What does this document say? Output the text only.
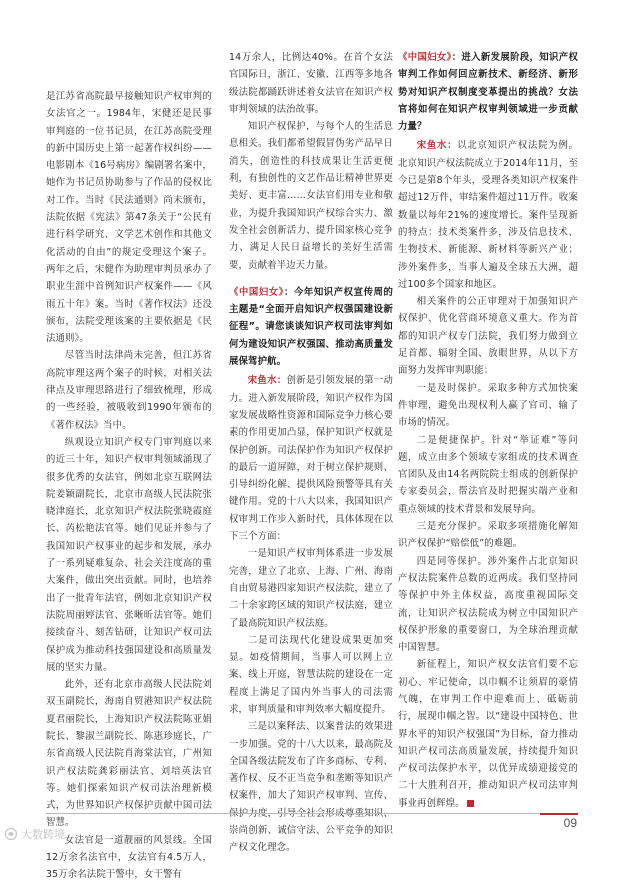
是江苏省高院最早接触知识产权审判的女法官之一。1984年，宋健还是民事审判庭的一位书记员，在江苏高院受理的新中国历史上第一起著作权纠纷——电影剧本《16号病房》编剧署名案中，她作为书记员协助参与了作品的侵权比对工作。当时《民法通则》尚未颁布，法院依据《宪法》第47条关于“公民有进行科学研究、文学艺术创作和其他文化活动的自由”的规定受理这个案子。两年之后，宋健作为助理审判员承办了职业生涯中首例知识产权案件——《风雨五十年》案。当时《著作权法》还没颁布，法院受理该案的主要依据是《民法通则》。

尽管当时法律尚未完善，但江苏省高院审理这两个案子的时候，对相关法律点及审理思路进行了细致梳理，形成的一些经验，被吸收到1990年颁布的《著作权法》当中。

纵观设立知识产权专门审判庭以来的近三十年，知识产权审判领域涌现了很多优秀的女法官，例如北京互联网法院姜颖副院长，北京市高级人民法院张晓津庭长，北京知识产权法院张晓霞庭长、芮松艳法官等。她们见证并参与了我国知识产权事业的起步和发展，承办了一系列疑难复杂、社会关注度高的重大案件，做出突出贡献。同时，也培养出了一批青年法官，例如北京知识产权法院周丽婷法官、张晰昕法官等。她们接续奋斗、刻苦钻研，让知识产权司法保护成为推动科技强国建设和高质量发展的坚实力量。

此外，还有北京市高级人民法院刘双玉副院长，海南自贸港知识产权法院夏君丽院长，上海知识产权法院陈亚娟院长、黎淑兰副院长、陈惠珍庭长，广东省高级人民法院肖海棠法官，广州知识产权法院龚彩丽法官、刘培英法官等。她们探索知识产权司法治理新模式，为世界知识产权保护贡献中国司法智慧。

女法官是一道靓丽的风景线。全国12万余名法官中，女法官有4.5万人，35万余名法院干警中，女干警有

14万余人，比例达40%。在首个女法官国际日，浙江、安徽、江西等多地各级法院都踊跃讲述着女法官在知识产权审判领域的法治故事。

知识产权保护，与每个人的生活息息相关。我们都希望假冒伪劣产品早日消失，创造性的科技成果让生活更便利，有独创性的文艺作品让精神世界更美好、更丰富……女法官们用专业和敬业，为提升我国知识产权综合实力、激发全社会创新活力、提升国家核心竞争力、满足人民日益增长的美好生活需要，贡献着半边天力量。

《中国妇女》：今年知识产权宣传周的主题是“全面开启知识产权强国建设新征程”。请您谈谈知识产权司法审判如何为建设知识产权强国、推动高质量发展保驾护航。

宋鱼水：创新是引领发展的第一动力。进入新发展阶段，知识产权作为国家发展战略性资源和国际竞争力核心要素的作用更加凸显，保护知识产权就是保护创新。司法保护作为知识产权保护的最后一道屏障，对于树立保护规则、引导纠纷化解、提供风险预警等具有关键作用。党的十八大以来，我国知识产权审判工作步入新时代，具体体现在以下三个方面：

一是知识产权审判体系进一步发展完善，建立了北京、上海、广州、海南自由贸易港四家知识产权法院，建立了二十余家跨区域的知识产权法庭，建立了最高院知识产权法庭。

二是司法现代化建设成果更加突显。如疫情期间，当事人可以网上立案、线上开庭，智慧法院的建设在一定程度上满足了国内外当事人的司法需求，审判质量和审判效率大幅度提升。

三是以案释法、以案普法的效果进一步加强。党的十八大以来，最高院及全国各级法院发布了许多商标、专利、著作权、反不正当竞争和垄断等知识产权案件，加大了知识产权审判、宣传、保护力度，引导全社会形成尊重知识、崇尚创新、诚信守法、公平竞争的知识产权文化理念。

《中国妇女》：进入新发展阶段，知识产权审判工作如何回应新技术、新经济、新形势对知识产权制度变革提出的挑战？女法官将如何在知识产权审判领域进一步贡献力量？

宋鱼水：以北京知识产权法院为例。北京知识产权法院成立于2014年11月，至今已是第8个年头，受理各类知识产权案件超过12万件，审结案件超过11万件。收案数量以每年21%的速度增长。案件呈现新的特点：技术类案件多，涉及信息技术、生物技术、新能源、新材料等新兴产业；涉外案件多，当事人遍及全球五大洲，超过100多个国家和地区。

相关案件的公正审理对于加强知识产权保护、优化营商环境意义重大。作为首都的知识产权专门法院，我们努力做到立足首都、辐射全国、放眼世界，从以下方面努力发挥审判职能：

一是及时保护。采取多种方式加快案件审理，避免出现权利人赢了官司、输了市场的情况。

二是便捷保护。针对“举证难”等问题，成立由多个领域专家组成的技术调查官团队及由14名两院院士组成的创新保护专家委员会，帮法官及时把握实端产业和重点领域的技术背景和发展导向。

三是充分保护。采取多项措施化解知识产权保护“赔偿低”的难题。

四是同等保护。涉外案件占北京知识产权法院案件总数的近两成。我们坚持同等保护中外主体权益，高度重视国际交流，让知识产权法院成为树立中国知识产权保护形象的重要窗口，为全球治理贡献中国智慧。

新征程上，知识产权女法官们要不忘初心、牢记使命，以巾帼不让须眉的豪情气魄，在审判工作中迎难而上、砥砺前行，展现巾帼之智。以“建设中国特色、世界水平的知识产权强国”为目标，奋力推动知识产权司法高质量发展，持续提升知识产权司法保护水平，以优异成绩迎接党的二十大胜利召开，推动知识产权司法审判事业再创辉煌。

09
大数跨境
